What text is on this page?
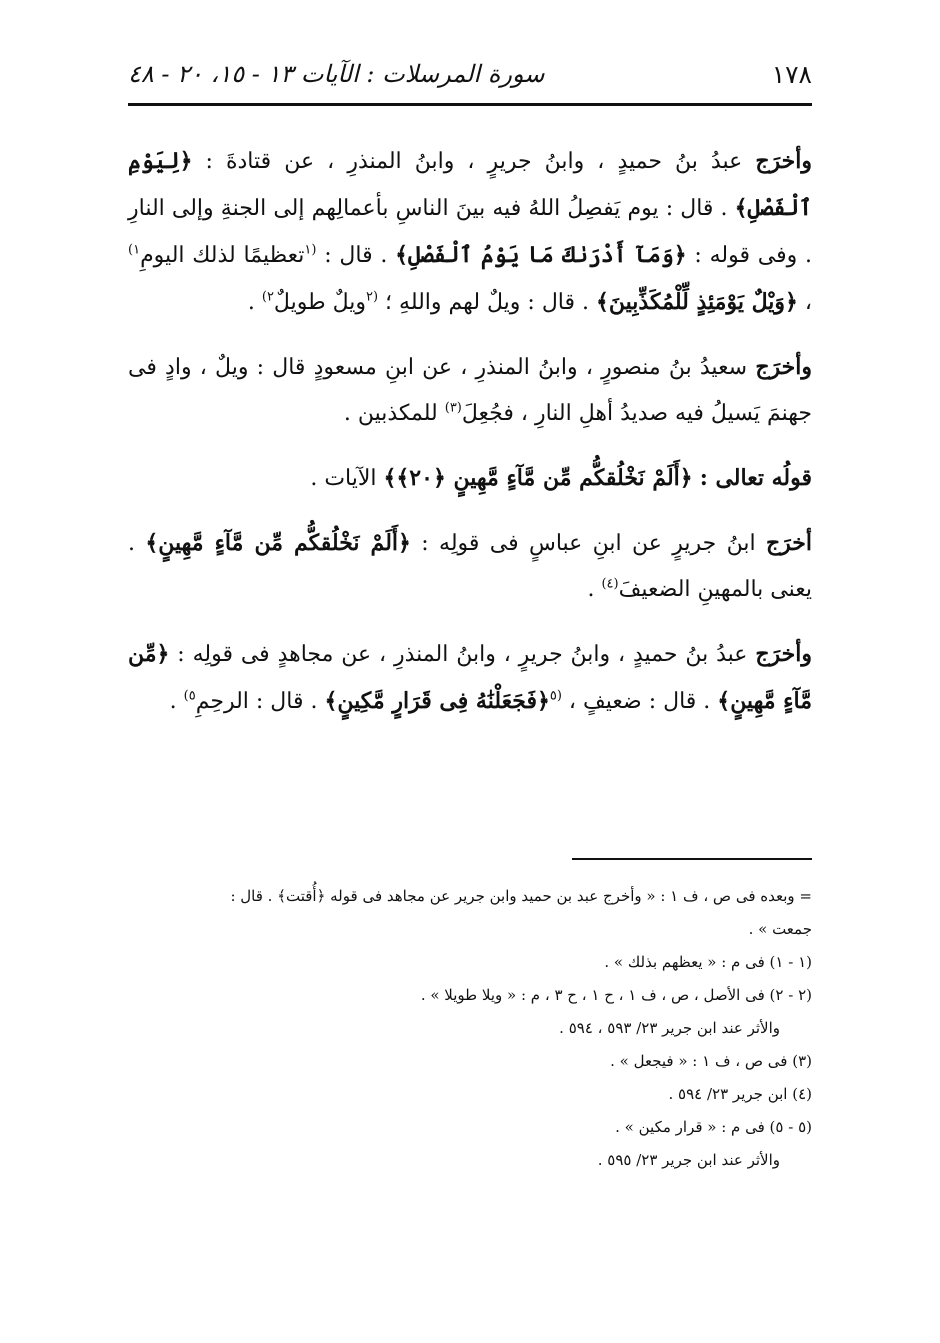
١٧٨
سورة المرسلات : الآيات ١٣ - ١٥، ٢٠ - ٤٨

وأخرَج عبدُ بنُ حميدٍ ، وابنُ جريرٍ ، وابنُ المنذرِ ، عن قتادةَ : ﴿لِيَوْمِ ٱلْفَصْلِ﴾ . قال : يوم يَفصِلُ اللهُ فيه بينَ الناسِ بأعمالِهم إلى الجنةِ وإلى النارِ . وفى قوله : ﴿وَمَآ أَدْرَىٰكَ مَا يَوْمُ ٱلْفَصْلِ﴾ . قال : $^{(١}$تعظيمًا لذلك اليومِ$^{١)}$ ، ﴿وَيْلٌ يَوْمَئِذٍ لِّلْمُكَذِّبِينَ﴾ . قال : ويلٌ لهم واللهِ ؛ $^{(٢}$ويلٌ طويلٌ$^{٢)}$ .

وأخرَج سعيدُ بنُ منصورٍ ، وابنُ المنذرِ ، عن ابنِ مسعودٍ قال : ويلٌ ، وادٍ فى جهنمَ يَسيلُ فيه صديدُ أهلِ النارِ ، فجُعِلَ$^{(٣)}$ للمكذبين .

قولُه تعالى : ﴿أَلَمْ نَخْلُقكُّم مِّن مَّآءٍ مَّهِينٍ ﴿٢٠﴾﴾ الآيات .

أخرَج ابنُ جريرٍ عن ابنِ عباسٍ فى قولِه : ﴿أَلَمْ نَخْلُقكُّم مِّن مَّآءٍ مَّهِينٍ﴾ . يعنى بالمهينِ الضعيفَ$^{(٤)}$ .

وأخرَج عبدُ بنُ حميدٍ ، وابنُ جريرٍ ، وابنُ المنذرِ ، عن مجاهدٍ فى قولِه : ﴿مِّن مَّآءٍ مَّهِينٍ﴾ . قال : ضعيفٍ ، $^{(٥}$﴿فَجَعَلْنَٰهُ فِى قَرَارٍ مَّكِينٍ﴾ . قال : الرحِمِ$^{٥)}$ .

= وبعده فى ص ، ف ١ : « وأخرج عبد بن حميد وابن جرير عن مجاهد فى قوله ﴿أُقتت﴾ . قال :

جمعت » .

(١ - ١) فى م : « يعظهم بذلك » .

(٢ - ٢) فى الأصل ، ص ، ف ١ ، ح ١ ، ح ٣ ، م : « ويلا طويلا » .

والأثر عند ابن جرير ٢٣/ ٥٩٣ ، ٥٩٤ .

(٣) فى ص ، ف ١ : « فيجعل » .

(٤) ابن جرير ٢٣/ ٥٩٤ .

(٥ - ٥) فى م : « قرار مكين » .

والأثر عند ابن جرير ٢٣/ ٥٩٥ .
